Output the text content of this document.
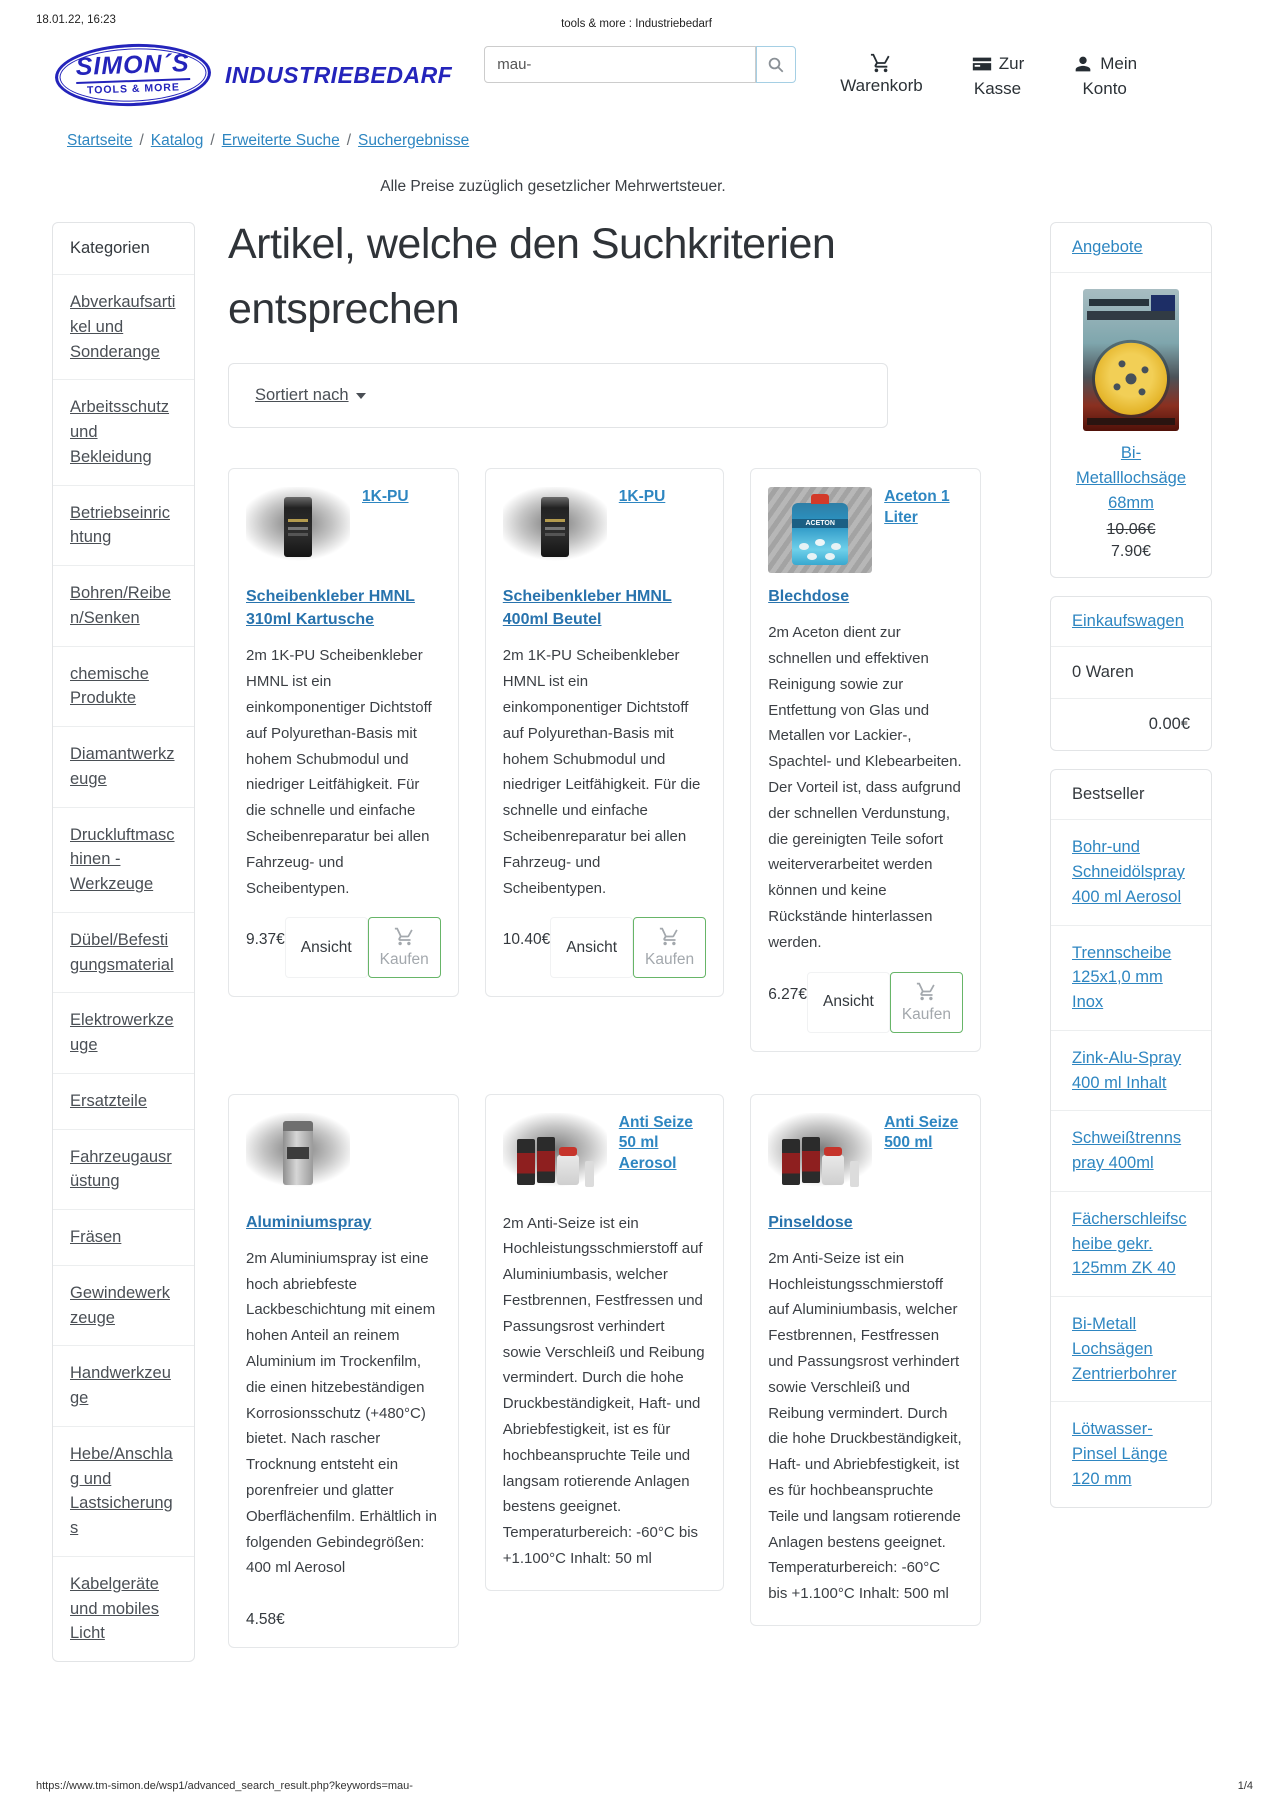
18.01.22, 16:23	tools & more : Industriebedarf
SIMON´S
TOOLS & MORE
INDUSTRIEBEDARF
mau-	Warenkorb
Zur
Kasse
Mein
Konto
Startseite / Katalog / Erweiterte Suche / Suchergebnisse

Alle Preise zuzüglich gesetzlicher Mehrwertsteuer.

Kategorien
Abverkaufsartikel und Sonderange
Arbeitsschutz und Bekleidung
Betriebseinrichtung
Bohren/Reiben/Senken
chemische Produkte
Diamantwerkzeuge
Druckluftmaschinen - Werkzeuge
Dübel/Befestigungsmaterial
Elektrowerkzeuge
Ersatzteile
Fahrzeugausrüstung
Fräsen
Gewindewerkzeuge
Handwerkzeuge
Hebe/Anschlag und Lastsicherungs
Kabelgeräte und mobiles Licht
Artikel, welche den Suchkriterien entsprechen
Sortiert nach
1K-PU
Scheibenkleber HMNL 310ml Kartusche

2m 1K-PU Scheibenkleber HMNL ist ein einkomponentiger Dichtstoff auf Polyurethan-Basis mit hohem Schubmodul und niedriger Leitfähigkeit. Für die schnelle und einfache Scheibenreparatur bei allen Fahrzeug- und Scheibentypen.

9.37€	Ansicht
Kaufen
1K-PU
Scheibenkleber HMNL 400ml Beutel

2m 1K-PU Scheibenkleber HMNL ist ein einkomponentiger Dichtstoff auf Polyurethan-Basis mit hohem Schubmodul und niedriger Leitfähigkeit. Für die schnelle und einfache Scheibenreparatur bei allen Fahrzeug- und Scheibentypen.

10.40€	Ansicht
Kaufen
ACETON
Aceton 1 Liter
Blechdose

2m Aceton dient zur schnellen und effektiven Reinigung sowie zur Entfettung von Glas und Metallen vor Lackier-, Spachtel- und Klebearbeiten. Der Vorteil ist, dass aufgrund der schnellen Verdunstung, die gereinigten Teile sofort weiterverarbeitet werden können und keine Rückstände hinterlassen werden.

6.27€	Ansicht
Kaufen
Aluminiumspray

2m Aluminiumspray ist eine hoch abriebfeste Lackbeschichtung mit einem hohen Anteil an reinem Aluminium im Trockenfilm, die einen hitzebeständigen Korrosionsschutz (+480°C) bietet. Nach rascher Trocknung entsteht ein porenfreier und glatter Oberflächenfilm. Erhältlich in folgenden Gebindegrößen: 400 ml Aerosol

4.58€
Anti Seize 50 ml Aerosol

2m Anti-Seize ist ein Hochleistungsschmierstoff auf Aluminiumbasis, welcher Festbrennen, Festfressen und Passungsrost verhindert sowie Verschleiß und Reibung vermindert. Durch die hohe Druckbeständigkeit, Haft- und Abriebfestigkeit, ist es für hochbeanspruchte Teile und langsam rotierende Anlagen bestens geeignet. Temperaturbereich: -60°C bis +1.100°C Inhalt: 50 ml

Anti Seize 500 ml
Pinseldose

2m Anti-Seize ist ein Hochleistungsschmierstoff auf Aluminiumbasis, welcher Festbrennen, Festfressen und Passungsrost verhindert sowie Verschleiß und Reibung vermindert. Durch die hohe Druckbeständigkeit, Haft- und Abriebfestigkeit, ist es für hochbeanspruchte Teile und langsam rotierende Anlagen bestens geeignet. Temperaturbereich: -60°C bis +1.100°C Inhalt: 500 ml

Angebote
Bi-Metalllochsäge 68mm
10.06€
7.90€
Einkaufswagen
0 Waren
0.00€
Bestseller
Bohr-und Schneidölspray 400 ml Aerosol
Trennscheibe 125x1,0 mm Inox
Zink-Alu-Spray 400 ml Inhalt
Schweißtrennspray 400ml
Fächerschleifscheibe gekr. 125mm ZK 40
Bi-Metall Lochsägen Zentrierbohrer
Lötwasser-Pinsel Länge 120 mm
https://www.tm-simon.de/wsp1/advanced_search_result.php?keywords=mau-	1/4
